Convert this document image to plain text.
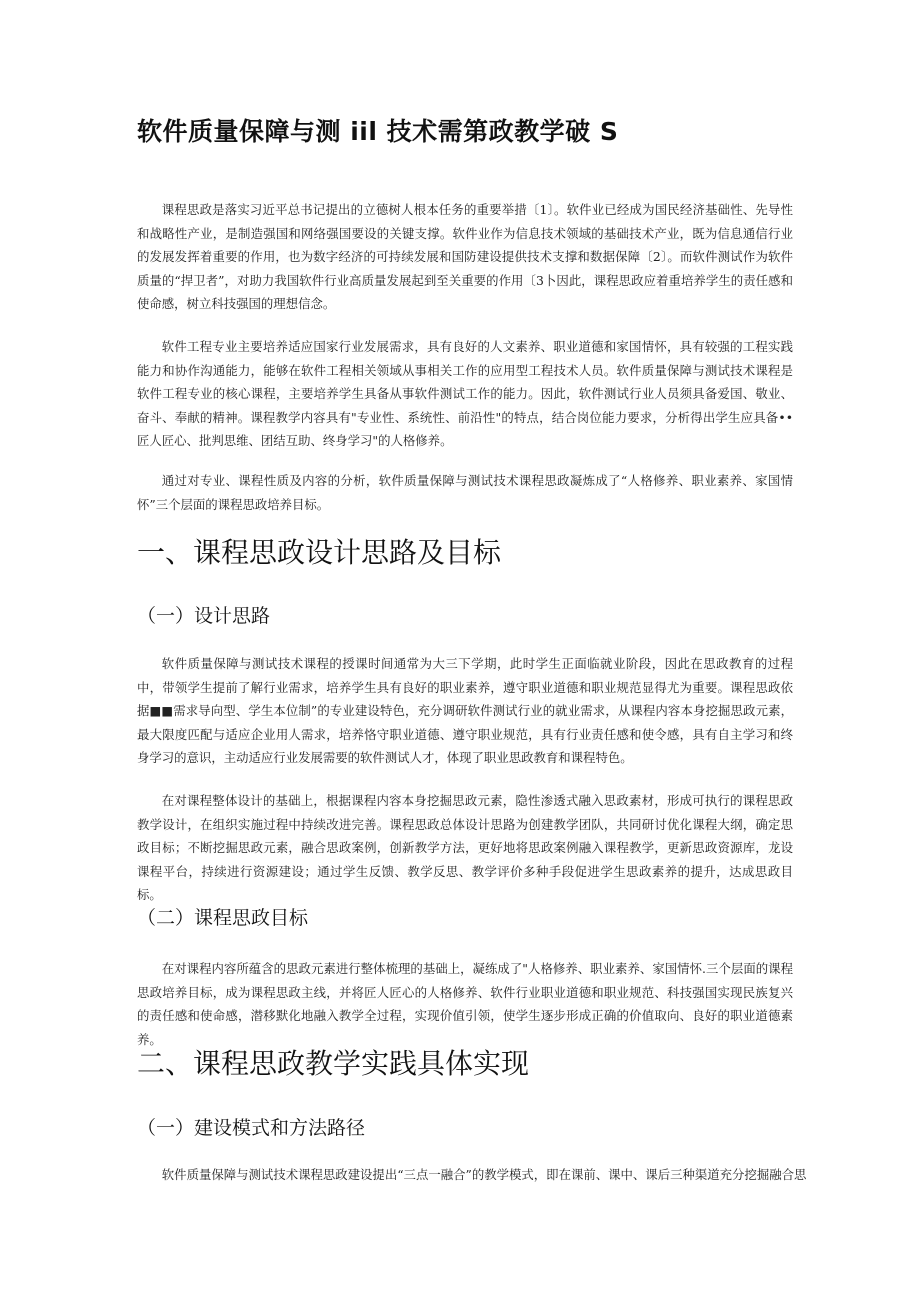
软件质量保障与测 iil 技术需第政教学破 S

课程思政是落实习近平总书记提出的立德树人根本任务的重要举措〔1〕。软件业已经成为国民经济基础性、先导性和战略性产业，是制造强国和网络强国要设的关键支撑。软件业作为信息技术领域的基础技术产业，既为信息通信行业的发展发挥着重要的作用，也为数字经济的可持续发展和国防建设提供技术支撑和数据保障〔2〕。而软件测试作为软件质量的“捍卫者”，对助力我国软件行业高质量发展起到至关重要的作用〔3卜因此，课程思政应着重培养学生的责任感和使命感，树立科技强国的理想信念。

软件工程专业主要培养适应国家行业发展需求，具有良好的人文素养、职业道德和家国情怀，具有较强的工程实践能力和协作沟通能力，能够在软件工程相关领域从事相关工作的应用型工程技术人员。软件质量保障与测试技术课程是软件工程专业的核心课程，主要培养学生具备从事软件测试工作的能力。因此，软件测试行业人员须具备爱国、敬业、奋斗、奉献的精神。课程教学内容具有"专业性、系统性、前沿性"的特点，结合岗位能力要求，分析得出学生应具备••匠人匠心、批判思维、团结互助、终身学习"的人格修养。

通过对专业、课程性质及内容的分析，软件质量保障与测试技术课程思政凝炼成了“人格修养、职业素养、家国情怀”三个层面的课程思政培养目标。

一、课程思政设计思路及目标
（一）设计思路

软件质量保障与测试技术课程的授课时间通常为大三下学期，此时学生正面临就业阶段，因此在思政教育的过程中，带领学生提前了解行业需求，培养学生具有良好的职业素养，遵守职业道德和职业规范显得尤为重要。课程思政依据■■需求导向型、学生本位制”的专业建设特色，充分调研软件测试行业的就业需求，从课程内容本身挖掘思政元素，最大限度匹配与适应企业用人需求，培养恪守职业道德、遵守职业规范，具有行业责任感和使令感，具有自主学习和终身学习的意识，主动适应行业发展需要的软件测试人才，体现了职业思政教育和课程特色。

在对课程整体设计的基础上，根据课程内容本身挖掘思政元素，隐性渗透式融入思政素材，形成可执行的课程思政教学设计，在组织实施过程中持续改进完善。课程思政总体设计思路为创建教学团队，共同研讨优化课程大纲，确定思政目标；不断挖掘思政元素，融合思政案例，创新教学方法，更好地将思政案例融入课程教学，更新思政资源库，龙设课程平台，持续进行资源建设；通过学生反馈、教学反思、教学评价多种手段促进学生思政素养的提升，达成思政目标。

（二）课程思政目标

在对课程内容所蕴含的思政元素进行整体梳理的基础上，凝练成了"人格修养、职业素养、家国情怀.三个层面的课程思政培养目标，成为课程思政主线，并将匠人匠心的人格修养、软件行业职业道德和职业规范、科技强国实现民族复兴的责任感和使命感，潜移默化地融入教学全过程，实现价值引领，使学生逐步形成正确的价值取向、良好的职业道德素养。

二、课程思政教学实践具体实现
（一）建设模式和方法路径

软件质量保障与测试技术课程思政建设提出“三点一融合”的教学模式，即在课前、课中、课后三种渠道充分挖掘融合思
